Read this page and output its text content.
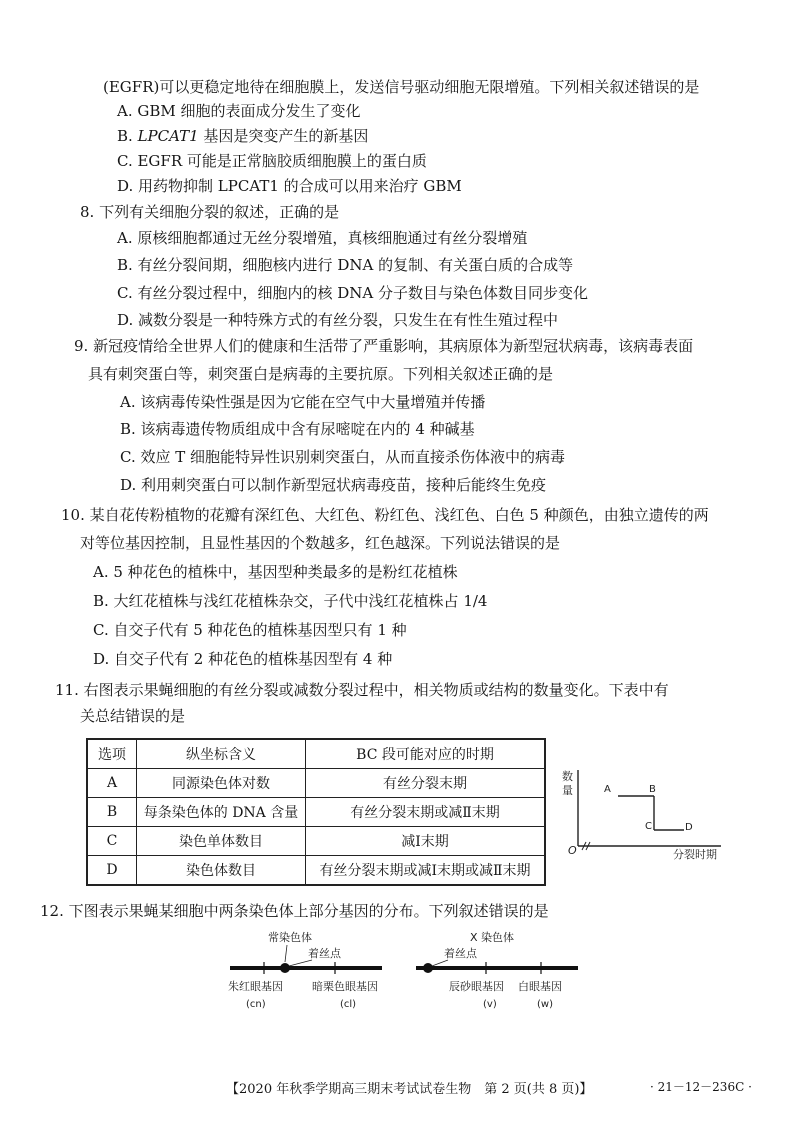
(EGFR)可以更稳定地待在细胞膜上，发送信号驱动细胞无限增殖。下列相关叙述错误的是
A. GBM 细胞的表面成分发生了变化
B. LPCAT1 基因是突变产生的新基因
C. EGFR 可能是正常脑胶质细胞膜上的蛋白质
D. 用药物抑制 LPCAT1 的合成可以用来治疗 GBM
8. 下列有关细胞分裂的叙述，正确的是
A. 原核细胞都通过无丝分裂增殖，真核细胞通过有丝分裂增殖
B. 有丝分裂间期，细胞核内进行 DNA 的复制、有关蛋白质的合成等
C. 有丝分裂过程中，细胞内的核 DNA 分子数目与染色体数目同步变化
D. 减数分裂是一种特殊方式的有丝分裂，只发生在有性生殖过程中
9. 新冠疫情给全世界人们的健康和生活带了严重影响，其病原体为新型冠状病毒，该病毒表面
具有刺突蛋白等，刺突蛋白是病毒的主要抗原。下列相关叙述正确的是
A. 该病毒传染性强是因为它能在空气中大量增殖并传播
B. 该病毒遗传物质组成中含有尿嘧啶在内的 4 种碱基
C. 效应 T 细胞能特异性识别刺突蛋白，从而直接杀伤体液中的病毒
D. 利用刺突蛋白可以制作新型冠状病毒疫苗，接种后能终生免疫
10. 某自花传粉植物的花瓣有深红色、大红色、粉红色、浅红色、白色 5 种颜色，由独立遗传的两
对等位基因控制，且显性基因的个数越多，红色越深。下列说法错误的是
A. 5 种花色的植株中，基因型种类最多的是粉红花植株
B. 大红花植株与浅红花植株杂交，子代中浅红花植株占 1/4
C. 自交子代有 5 种花色的植株基因型只有 1 种
D. 自交子代有 2 种花色的植株基因型有 4 种
11. 右图表示果蝇细胞的有丝分裂或减数分裂过程中，相关物质或结构的数量变化。下表中有
关总结错误的是
选项	纵坐标含义	BC 段可能对应的时期
A	同源染色体对数	有丝分裂末期
B	每条染色体的 DNA 含量	有丝分裂末期或减Ⅱ末期
C	染色单体数目	减Ⅰ末期
D	染色体数目	有丝分裂末期或减Ⅰ末期或减Ⅱ末期
数
量
O
A	B
C	D
分裂时期
12. 下图表示果蝇某细胞中两条染色体上部分基因的分布。下列叙述错误的是
常染色体
着丝点
朱红眼基因
(cn)
暗栗色眼基因
(cl)
X 染色体
着丝点
辰砂眼基因
(v)
白眼基因
(w)
【2020 年秋季学期高三期末考试试卷生物　第 2 页(共 8 页)】	· 21－12－236C ·
